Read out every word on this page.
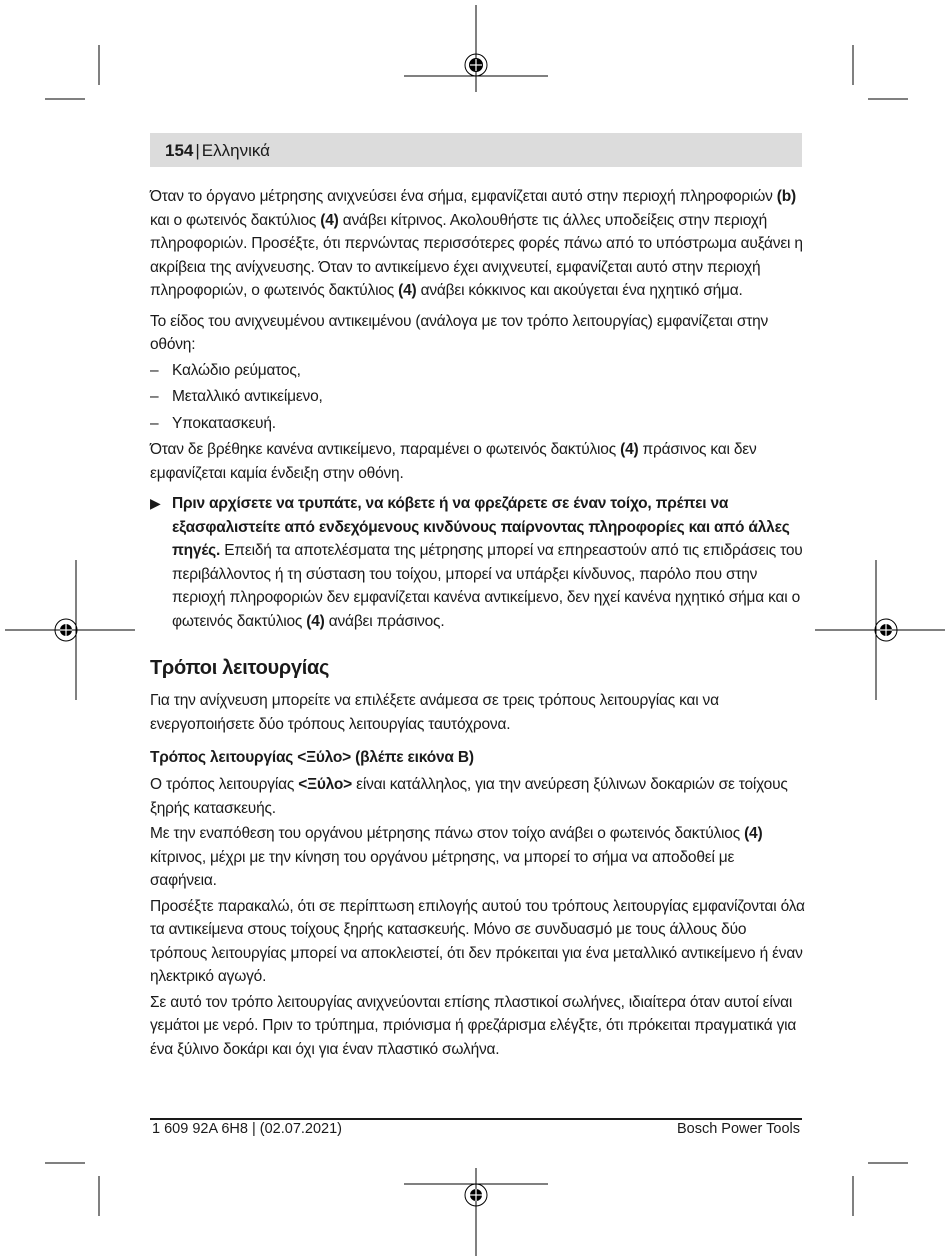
154 | Ελληνικά

Όταν το όργανο μέτρησης ανιχνεύσει ένα σήμα, εμφανίζεται αυτό στην περιοχή πληροφοριών (b) και ο φωτεινός δακτύλιος (4) ανάβει κίτρινος. Ακολουθήστε τις άλλες υποδείξεις στην περιοχή πληροφοριών. Προσέξτε, ότι περνώντας περισσότερες φορές πάνω από το υπόστρωμα αυξάνει η ακρίβεια της ανίχνευσης. Όταν το αντικείμενο έχει ανιχνευτεί, εμφανίζεται αυτό στην περιοχή πληροφοριών, ο φωτεινός δακτύλιος (4) ανάβει κόκκινος και ακούγεται ένα ηχητικό σήμα.

Το είδος του ανιχνευμένου αντικειμένου (ανάλογα με τον τρόπο λειτουργίας) εμφανίζεται στην οθόνη:

– Καλώδιο ρεύματος,
– Μεταλλικό αντικείμενο,
– Υποκατασκευή.

Όταν δε βρέθηκε κανένα αντικείμενο, παραμένει ο φωτεινός δακτύλιος (4) πράσινος και δεν εμφανίζεται καμία ένδειξη στην οθόνη.

▶ Πριν αρχίσετε να τρυπάτε, να κόβετε ή να φρεζάρετε σε έναν τοίχο, πρέπει να εξασφαλιστείτε από ενδεχόμενους κινδύνους παίρνοντας πληροφορίες και από άλλες πηγές. Επειδή τα αποτελέσματα της μέτρησης μπορεί να επηρεαστούν από τις επιδράσεις του περιβάλλοντος ή τη σύσταση του τοίχου, μπορεί να υπάρξει κίνδυνος, παρόλο που στην περιοχή πληροφοριών δεν εμφανίζεται κανένα αντικείμενο, δεν ηχεί κανένα ηχητικό σήμα και ο φωτεινός δακτύλιος (4) ανάβει πράσινος.
Τρόποι λειτουργίας

Για την ανίχνευση μπορείτε να επιλέξετε ανάμεσα σε τρεις τρόπους λειτουργίας και να ενεργοποιήσετε δύο τρόπους λειτουργίας ταυτόχρονα.

Τρόπος λειτουργίας <Ξύλο> (βλέπε εικόνα B)

Ο τρόπος λειτουργίας <Ξύλο> είναι κατάλληλος, για την ανεύρεση ξύλινων δοκαριών σε τοίχους ξηρής κατασκευής.

Με την εναπόθεση του οργάνου μέτρησης πάνω στον τοίχο ανάβει ο φωτεινός δακτύλιος (4) κίτρινος, μέχρι με την κίνηση του οργάνου μέτρησης, να μπορεί το σήμα να αποδοθεί με σαφήνεια.

Προσέξτε παρακαλώ, ότι σε περίπτωση επιλογής αυτού του τρόπους λειτουργίας εμφανίζονται όλα τα αντικείμενα στους τοίχους ξηρής κατασκευής. Μόνο σε συνδυασμό με τους άλλους δύο τρόπους λειτουργίας μπορεί να αποκλειστεί, ότι δεν πρόκειται για ένα μεταλλικό αντικείμενο ή έναν ηλεκτρικό αγωγό.

Σε αυτό τον τρόπο λειτουργίας ανιχνεύονται επίσης πλαστικοί σωλήνες, ιδιαίτερα όταν αυτοί είναι γεμάτοι με νερό. Πριν το τρύπημα, πριόνισμα ή φρεζάρισμα ελέγξτε, ότι πρόκειται πραγματικά για ένα ξύλινο δοκάρι και όχι για έναν πλαστικό σωλήνα.

1 609 92A 6H8 | (02.07.2021)	Bosch Power Tools
